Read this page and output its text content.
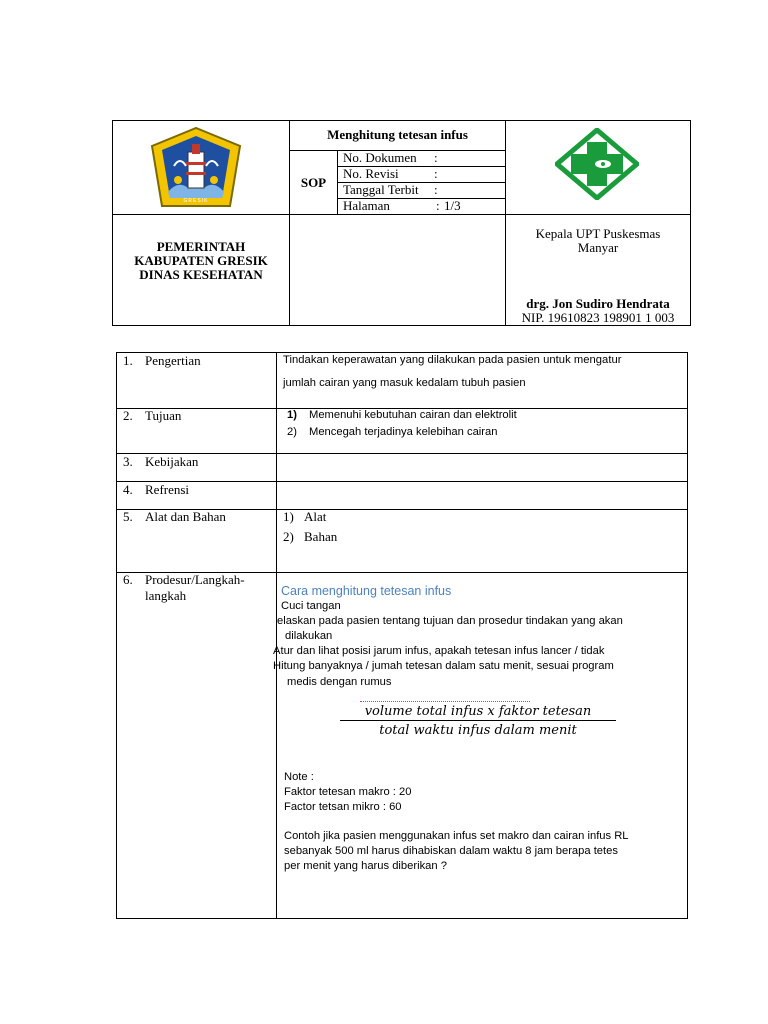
GRESIK
Menghitung tetesan infus
SOP
No. Dokumen :
No. Revisi	:
Tanggal Terbit :
Halaman	: 1/3
PEMERINTAH
KABUPATEN GRESIK
DINAS KESEHATAN
Kepala UPT Puskesmas
Manyar
drg. Jon Sudiro Hendrata
NIP. 19610823 198901 1 003
1. Pengertian
2. Tujuan
3. Kebijakan
4. Refrensi
5. Alat dan Bahan
6. Prodesur/Langkah-
langkah
Tindakan keperawatan yang dilakukan pada pasien untuk mengatur
jumlah cairan yang masuk kedalam tubuh pasien
1) Memenuhi kebutuhan cairan dan elektrolit
2) Mencegah terjadinya kelebihan cairan
1) Alat
2) Bahan
Cara menghitung tetesan infus
Cuci tangan
elaskan pada pasien tentang tujuan dan prosedur tindakan yang akan
dilakukan
Atur dan lihat posisi jarum infus, apakah tetesan infus lancer / tidak
Hitung banyaknya / jumah tetesan dalam satu menit, sesuai program
medis dengan rumus
volume total infus x faktor tetesan
total waktu infus dalam menit
Note :
Faktor tetesan makro : 20
Factor tetsan mikro : 60
Contoh jika pasien menggunakan infus set makro dan cairan infus RL
sebanyak 500 ml harus dihabiskan dalam waktu 8 jam berapa tetes
per menit yang harus diberikan ?
